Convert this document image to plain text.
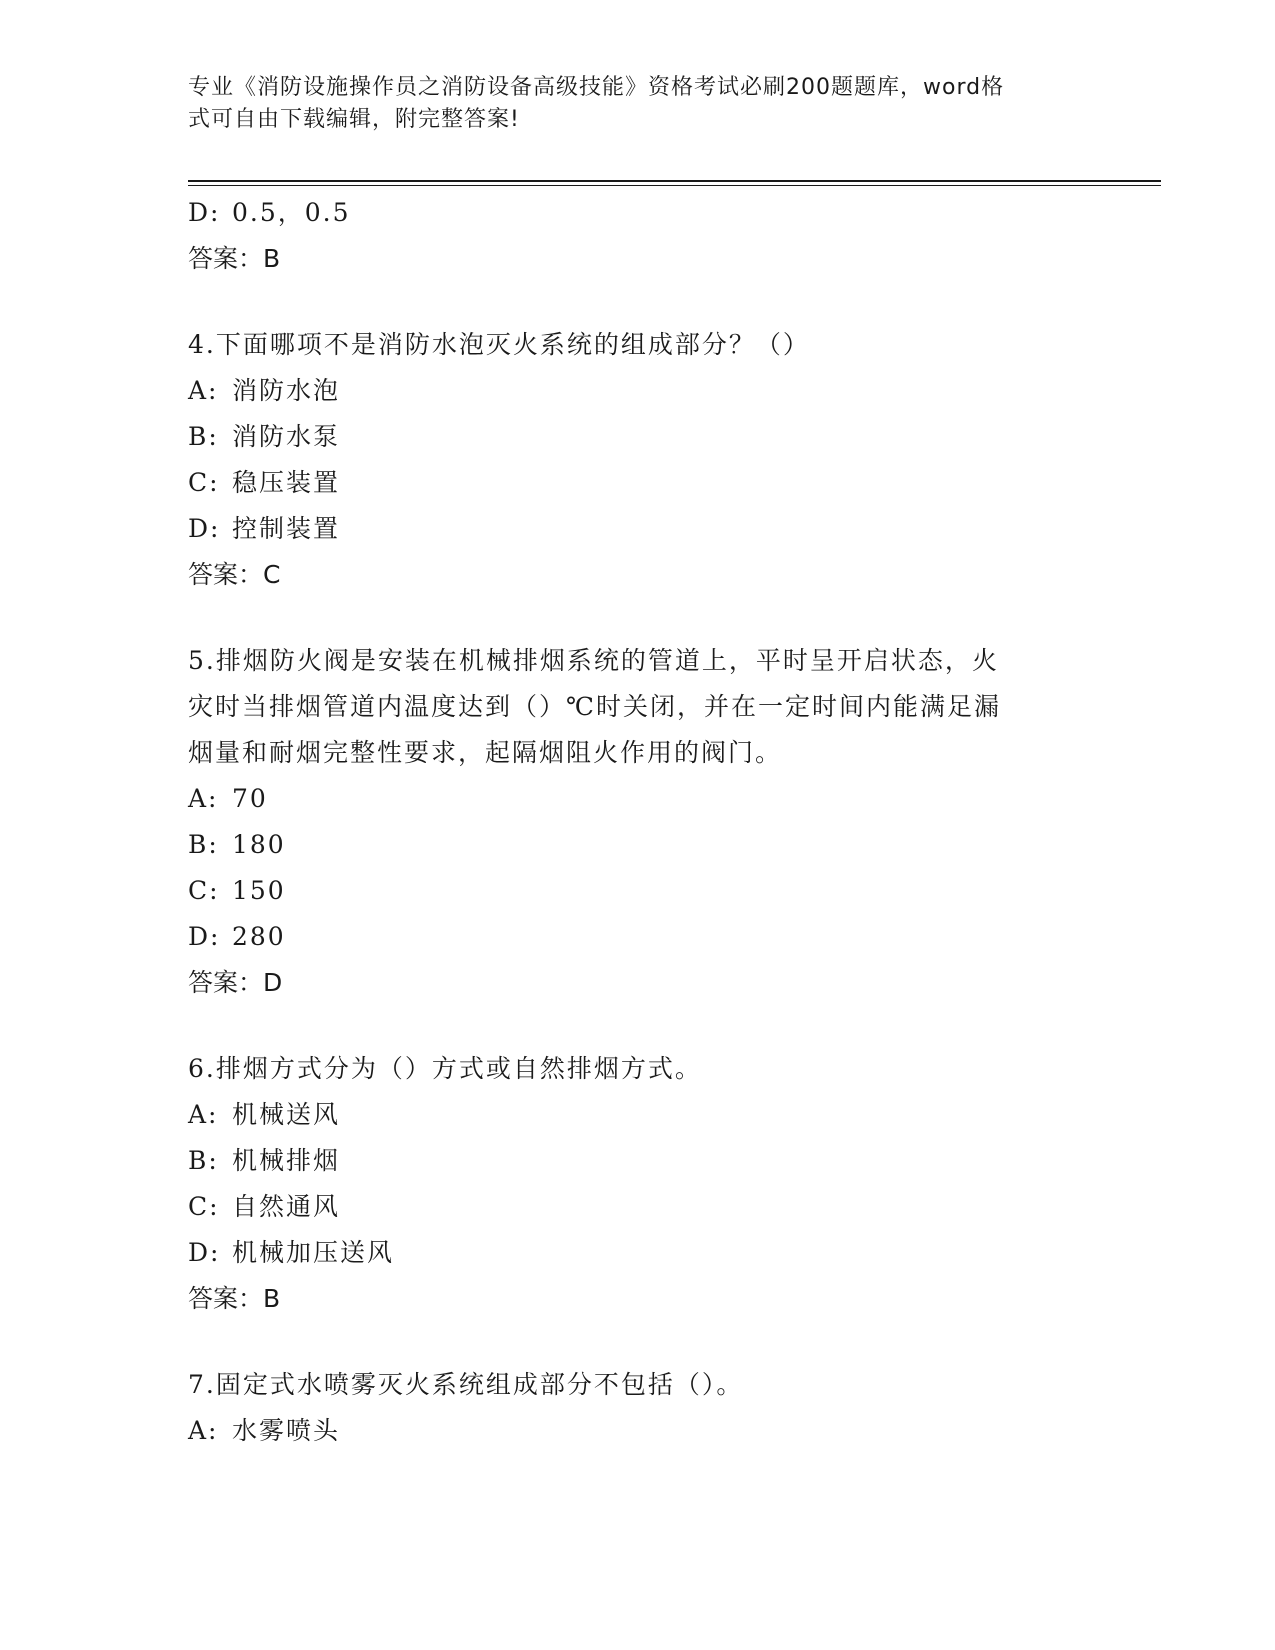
专业《消防设施操作员之消防设备高级技能》资格考试必刷200题题库，word格
式可自由下载编辑，附完整答案!
D: 0.5，0.5
答案：B
4.下面哪项不是消防水泡灭火系统的组成部分？（）
A: 消防水泡
B: 消防水泵
C: 稳压装置
D: 控制装置
答案：C
5.排烟防火阀是安装在机械排烟系统的管道上，平时呈开启状态，火
灾时当排烟管道内温度达到（）℃时关闭，并在一定时间内能满足漏
烟量和耐烟完整性要求，起隔烟阻火作用的阀门。
A: 70
B: 180
C: 150
D: 280
答案：D
6.排烟方式分为（）方式或自然排烟方式。
A: 机械送风
B: 机械排烟
C: 自然通风
D: 机械加压送风
答案：B
7.固定式水喷雾灭火系统组成部分不包括（）。
A: 水雾喷头
